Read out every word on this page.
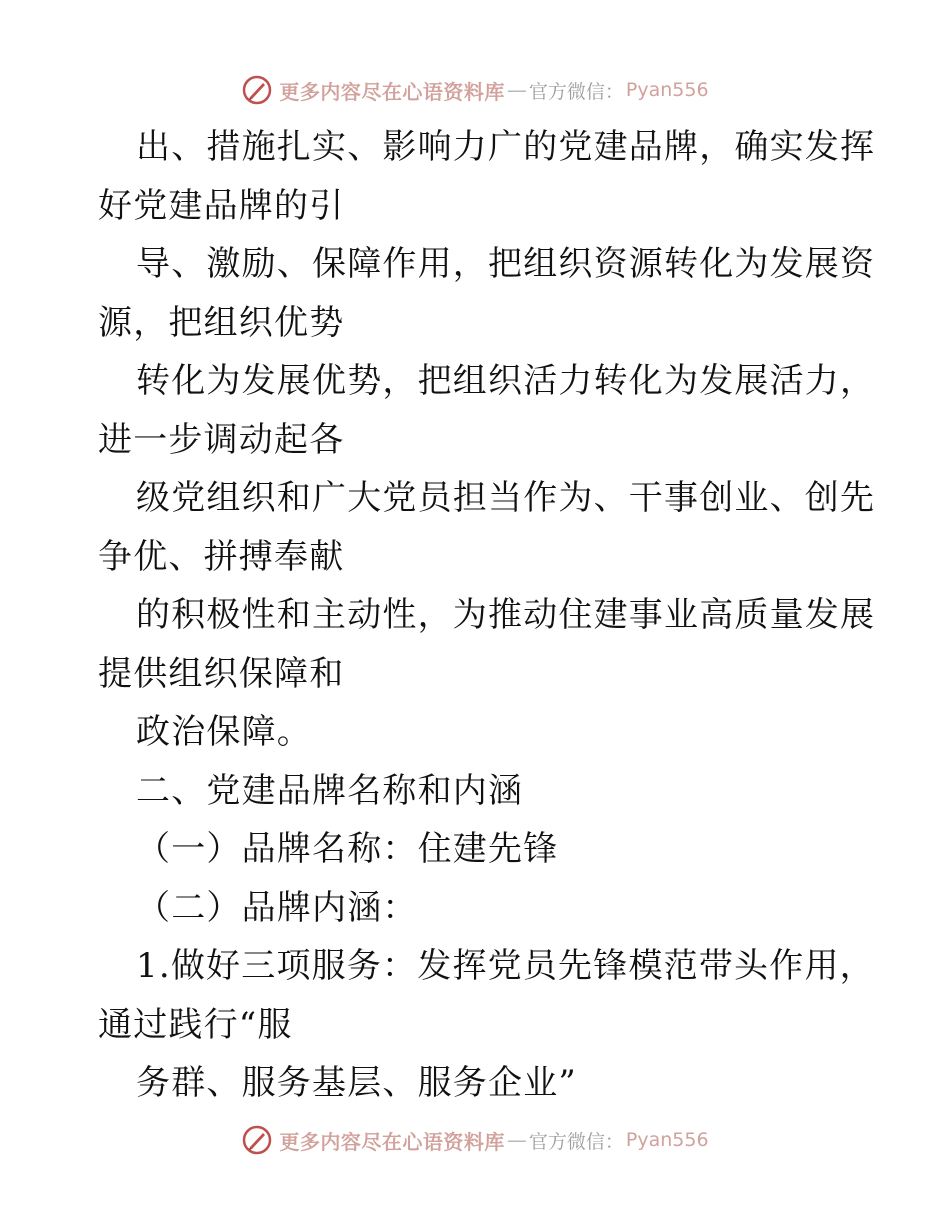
更多内容尽在心语资料库 — 官方微信： Pyan556
出、措施扎实、影响力广的党建品牌，确实发挥
好党建品牌的引
导、激励、保障作用，把组织资源转化为发展资
源，把组织优势
转化为发展优势，把组织活力转化为发展活力，
进一步调动起各
级党组织和广大党员担当作为、干事创业、创先
争优、拼搏奉献
的积极性和主动性，为推动住建事业高质量发展
提供组织保障和
政治保障。
二、党建品牌名称和内涵
（一）品牌名称：住建先锋
（二）品牌内涵：
1.做好三项服务：发挥党员先锋模范带头作用，
通过践行“服
务群、服务基层、服务企业”
更多内容尽在心语资料库 — 官方微信： Pyan556
